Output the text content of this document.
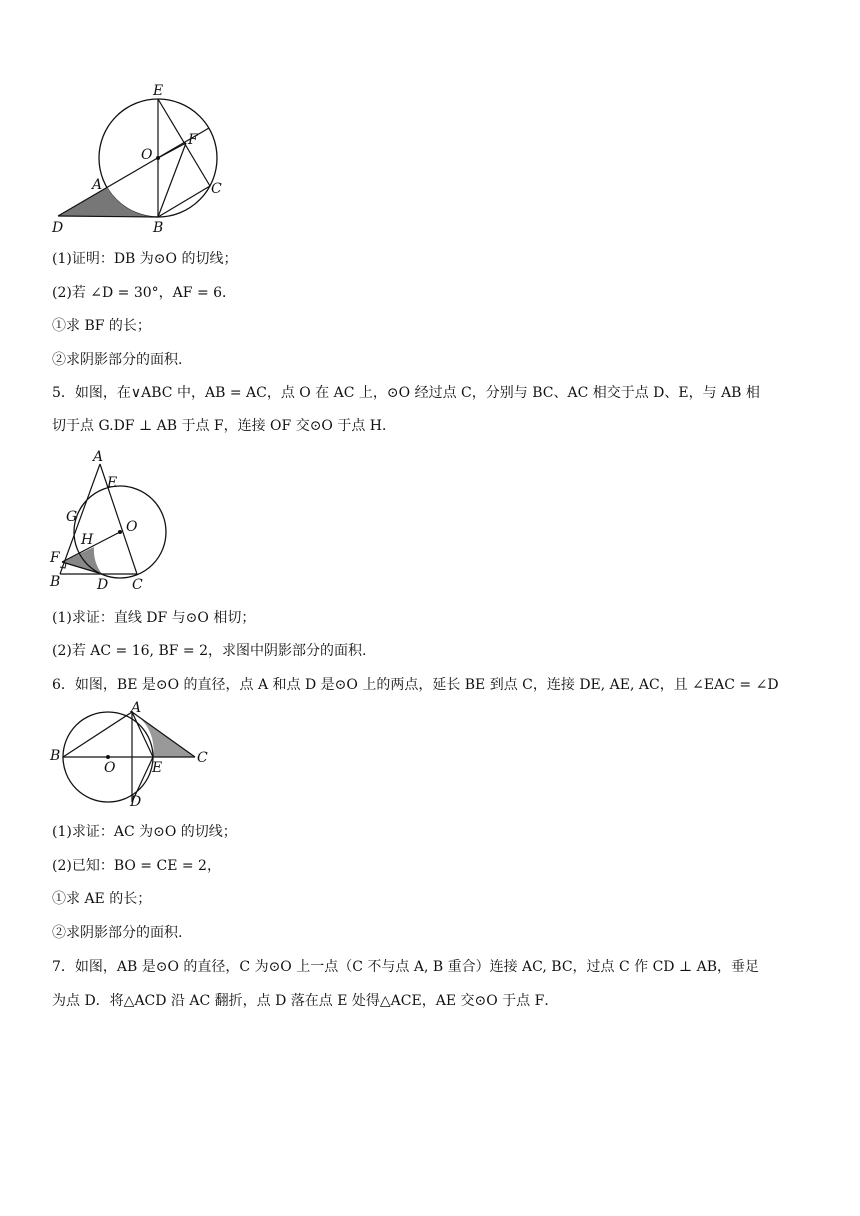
E
O
F
A	C
D	B
(1)证明：DB 为⊙O 的切线；
(2)若 ∠D = 30°，AF = 6．
①求 BF 的长；
②求阴影部分的面积.
5．如图，在∨ABC 中，AB = AC，点 O 在 AC 上，⊙O 经过点 C，分别与 BC、AC 相交于点 D、E，与 AB 相
切于点 G.DF ⊥ AB 于点 F，连接 OF 交⊙O 于点 H．
A
E
G
O
H
F
B	D C
(1)求证：直线 DF 与⊙O 相切；
(2)若 AC = 16, BF = 2，求图中阴影部分的面积.
6．如图，BE 是⊙O 的直径，点 A 和点 D 是⊙O 上的两点，延长 BE 到点 C，连接 DE, AE, AC，且 ∠EAC = ∠D
A
B
O	E
C
D
(1)求证：AC 为⊙O 的切线；
(2)已知：BO = CE = 2，
①求 AE 的长；
②求阴影部分的面积.
7．如图，AB 是⊙O 的直径，C 为⊙O 上一点（C 不与点 A, B 重合）连接 AC, BC，过点 C 作 CD ⊥ AB，垂足
为点 D．将△ACD 沿 AC 翻折，点 D 落在点 E 处得△ACE，AE 交⊙O 于点 F．
